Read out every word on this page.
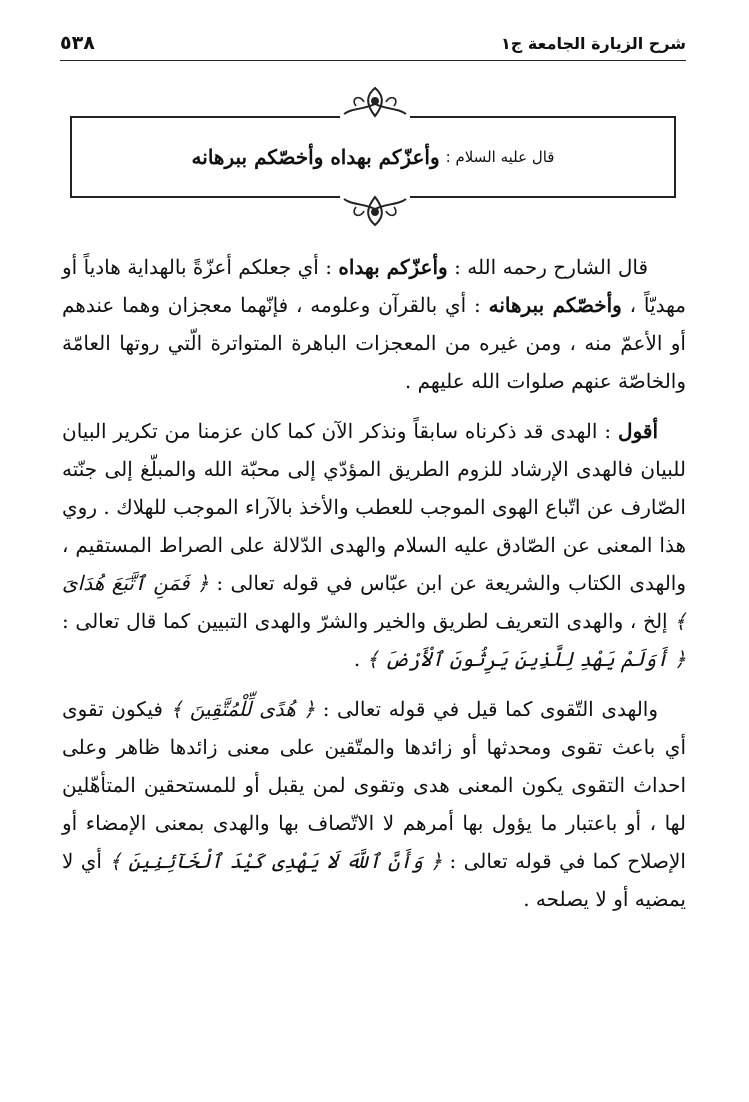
٥٣٨	شرح الزيارة الجامعة ج١
قال عليه السلام :
وأعزّكم بهداه وأخصّكم ببرهانه

قال الشارح رحمه الله : وأعزّكم بهداه : أي جعلكم أعزّةً بالهداية هادياً أو مهديّاً ، وأخصّكم ببرهانه : أي بالقرآن وعلومه ، فإنّهما معجزان وهما عندهم أو الأعمّ منه ، ومن غيره من المعجزات الباهرة المتواترة الّتي روتها العامّة والخاصّة عنهم صلوات الله عليهم .

أقول : الهدى قد ذكرناه سابقاً ونذكر الآن كما كان عزمنا من تكرير البيان للبيان فالهدى الإرشاد للزوم الطريق المؤدّي إلى محبّة الله والمبلّغ إلى جنّته الصّارف عن اتّباع الهوى الموجب للعطب والأخذ بالآراء الموجب للهلاك . روي هذا المعنى عن الصّادق عليه السلام والهدى الدّلالة على الصراط المستقيم ، والهدى الكتاب والشريعة عن ابن عبّاس في قوله تعالى : ﴿ فَمَنِ ٱتَّبَعَ هُدَاىَ ﴾ إلخ ، والهدى التعريف لطريق والخير والشرّ والهدى التبيين كما قال تعالى : ﴿ أَوَلَمْ يَهْدِ لِلَّذِينَ يَرِثُونَ ٱلْأَرْضَ ﴾ .

والهدى التّقوى كما قيل في قوله تعالى : ﴿ هُدًى لِّلْمُتَّقِينَ ﴾ فيكون تقوى أي باعث تقوى ومحدثها أو زائدها والمتّقين على معنى زائدها ظاهر وعلى احداث التقوى يكون المعنى هدى وتقوى لمن يقبل أو للمستحقين المتأهّلين لها ، أو باعتبار ما يؤول بها أمرهم لا الاتّصاف بها والهدى بمعنى الإمضاء أو الإصلاح كما في قوله تعالى : ﴿ وَأَنَّ ٱللَّهَ لَا يَهْدِى كَيْدَ ٱلْخَآئِنِينَ ﴾ أي لا يمضيه أو لا يصلحه .
